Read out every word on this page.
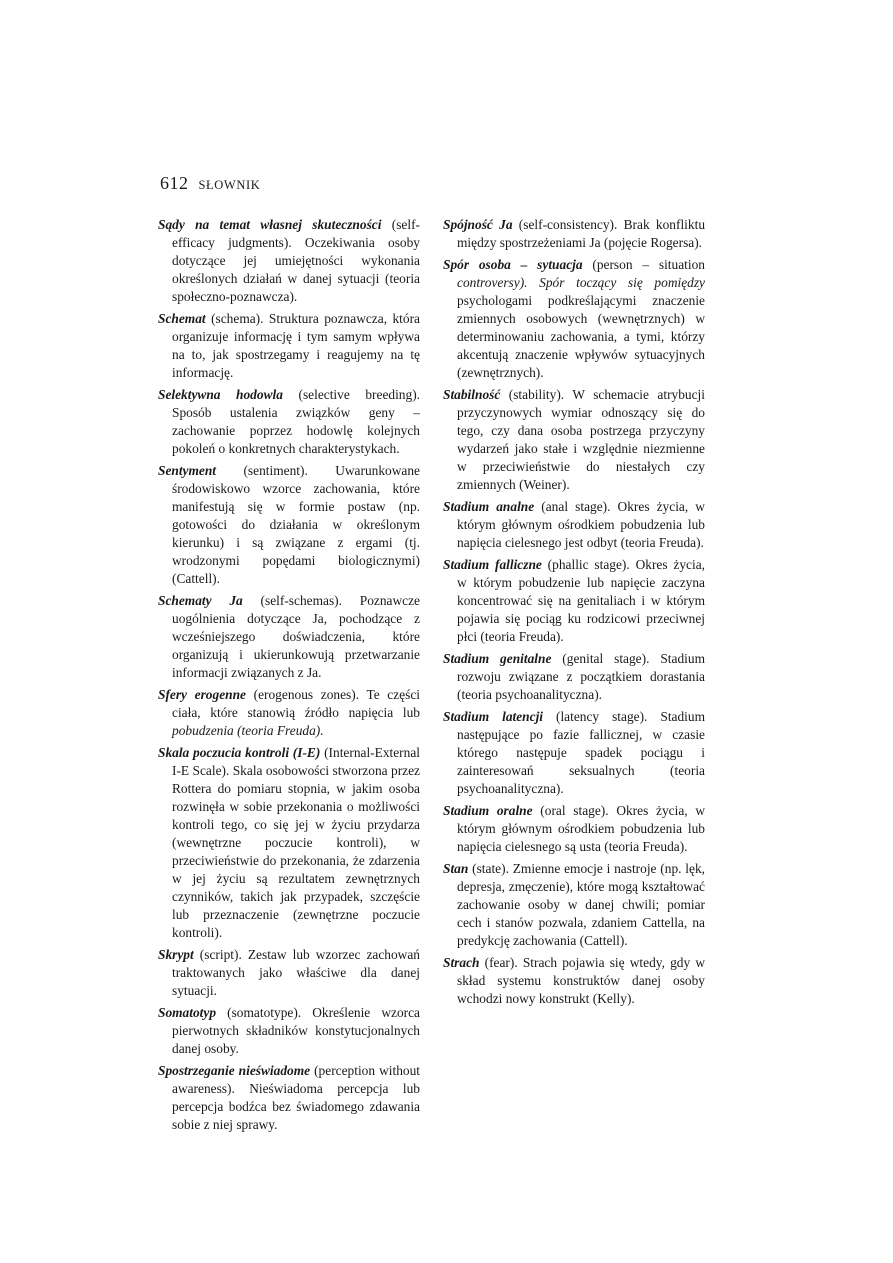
612 SŁOWNIK

Sądy na temat własnej skuteczności (self-efficacy judgments). Oczekiwania osoby dotyczące jej umiejętności wykonania określonych działań w danej sytuacji (teoria społeczno-poznawcza).

Schemat (schema). Struktura poznawcza, która organizuje informację i tym samym wpływa na to, jak spostrzegamy i reagujemy na tę informację.

Selektywna hodowla (selective breeding). Sposób ustalenia związków geny – zachowanie poprzez hodowlę kolejnych pokoleń o konkretnych charakterystykach.

Sentyment (sentiment). Uwarunkowane środowiskowo wzorce zachowania, które manifestują się w formie postaw (np. gotowości do działania w określonym kierunku) i są związane z ergami (tj. wrodzonymi popędami biologicznymi) (Cattell).

Schematy Ja (self-schemas). Poznawcze uogólnienia dotyczące Ja, pochodzące z wcześniejszego doświadczenia, które organizują i ukierunkowują przetwarzanie informacji związanych z Ja.

Sfery erogenne (erogenous zones). Te części ciała, które stanowią źródło napięcia lub pobudzenia (teoria Freuda).

Skala poczucia kontroli (I-E) (Internal-External I-E Scale). Skala osobowości stworzona przez Rottera do pomiaru stopnia, w jakim osoba rozwinęła w sobie przekonania o możliwości kontroli tego, co się jej w życiu przydarza (wewnętrzne poczucie kontroli), w przeciwieństwie do przekonania, że zdarzenia w jej życiu są rezultatem zewnętrznych czynników, takich jak przypadek, szczęście lub przeznaczenie (zewnętrzne poczucie kontroli).

Skrypt (script). Zestaw lub wzorzec zachowań traktowanych jako właściwe dla danej sytuacji.

Somatotyp (somatotype). Określenie wzorca pierwotnych składników konstytucjonalnych danej osoby.

Spostrzeganie nieświadome (perception without awareness). Nieświadoma percepcja lub percepcja bodźca bez świadomego zdawania sobie z niej sprawy.

Spójność Ja (self-consistency). Brak konfliktu między spostrzeżeniami Ja (pojęcie Rogersa).

Spór osoba – sytuacja (person – situation controversy). Spór toczący się pomiędzy psychologami podkreślającymi znaczenie zmiennych osobowych (wewnętrznych) w determinowaniu zachowania, a tymi, którzy akcentują znaczenie wpływów sytuacyjnych (zewnętrznych).

Stabilność (stability). W schemacie atrybucji przyczynowych wymiar odnoszący się do tego, czy dana osoba postrzega przyczyny wydarzeń jako stałe i względnie niezmienne w przeciwieństwie do niestałych czy zmiennych (Weiner).

Stadium analne (anal stage). Okres życia, w którym głównym ośrodkiem pobudzenia lub napięcia cielesnego jest odbyt (teoria Freuda).

Stadium falliczne (phallic stage). Okres życia, w którym pobudzenie lub napięcie zaczyna koncentrować się na genitaliach i w którym pojawia się pociąg ku rodzicowi przeciwnej płci (teoria Freuda).

Stadium genitalne (genital stage). Stadium rozwoju związane z początkiem dorastania (teoria psychoanalityczna).

Stadium latencji (latency stage). Stadium następujące po fazie fallicznej, w czasie którego następuje spadek pociągu i zainteresowań seksualnych (teoria psychoanalityczna).

Stadium oralne (oral stage). Okres życia, w którym głównym ośrodkiem pobudzenia lub napięcia cielesnego są usta (teoria Freuda).

Stan (state). Zmienne emocje i nastroje (np. lęk, depresja, zmęczenie), które mogą kształtować zachowanie osoby w danej chwili; pomiar cech i stanów pozwala, zdaniem Cattella, na predykcję zachowania (Cattell).

Strach (fear). Strach pojawia się wtedy, gdy w skład systemu konstruktów danej osoby wchodzi nowy konstrukt (Kelly).
